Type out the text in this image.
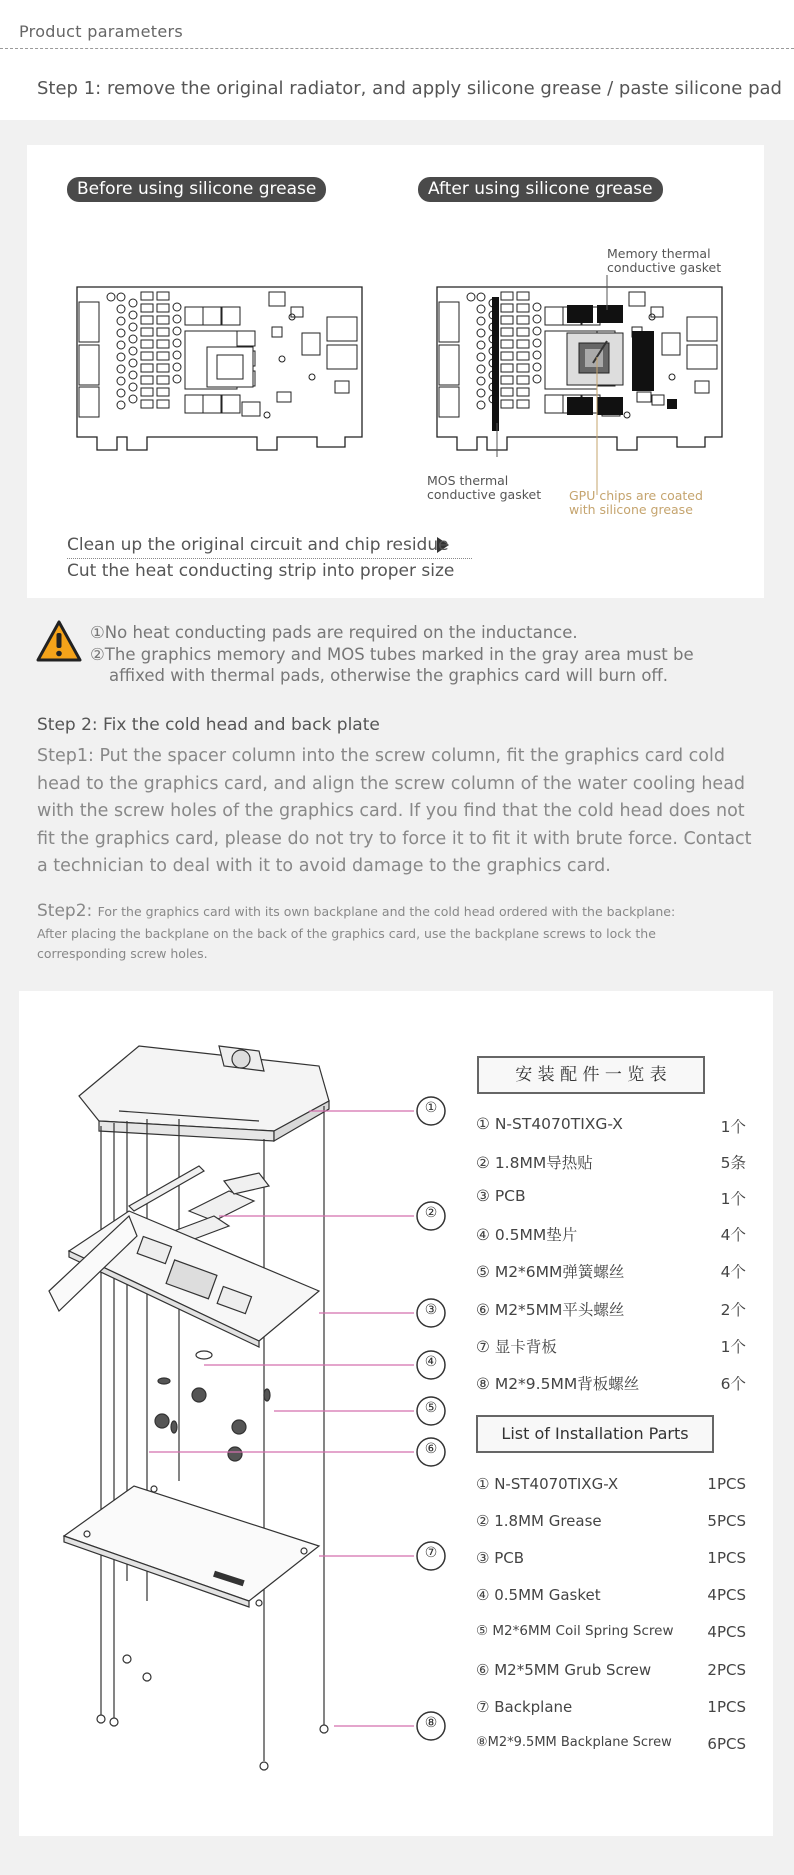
Product parameters
Step 1: remove the original radiator, and apply silicone grease / paste silicone pad
Before using silicone grease	After using silicone grease
Memory thermal
conductive gasket
MOS thermal
conductive gasket GPU chips are coated
with silicone grease
Clean up the original circuit and chip residue
Cut the heat conducting strip into proper size
①No heat conducting pads are required on the inductance.
②The graphics memory and MOS tubes marked in the gray area must be
affixed with thermal pads, otherwise the graphics card will burn off.
Step 2: Fix the cold head and back plate

Step1: Put the spacer column into the screw column, fit the graphics card cold head to the graphics card, and align the screw column of the water cooling head with the screw holes of the graphics card. If you find that the cold head does not fit the graphics card, please do not try to force it to fit it with brute force. Contact a technician to deal with it to avoid damage to the graphics card.

Step2: For the graphics card with its own backplane and the cold head ordered with the backplane:
After placing the backplane on the back of the graphics card, use the backplane screws to lock the
corresponding screw holes.
①
②
③
④
⑤
⑥
⑦
⑧
安 装 配 件 一 览 表
① N-ST4070TIXG-X	1个
② 1.8MM导热贴	5条
③ PCB	1个
④ 0.5MM垫片	4个
⑤ M2*6MM弹簧螺丝	4个
⑥ M2*5MM平头螺丝	2个
⑦ 显卡背板	1个
⑧ M2*9.5MM背板螺丝	6个
List of Installation Parts
① N-ST4070TIXG-X	1PCS
② 1.8MM Grease	5PCS
③ PCB	1PCS
④ 0.5MM Gasket	4PCS
⑤ M2*6MM Coil Spring Screw 4PCS
⑥ M2*5MM Grub Screw	2PCS
⑦ Backplane	1PCS
⑧M2*9.5MM Backplane Screw 6PCS
